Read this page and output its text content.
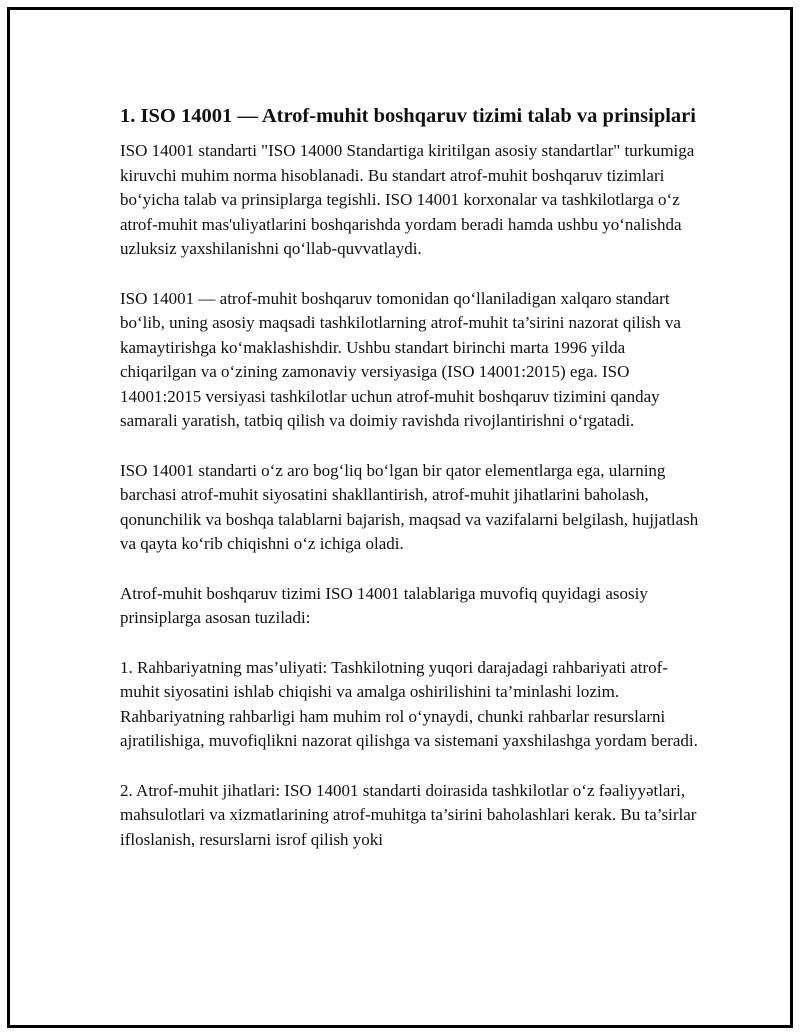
1. ISO 14001 — Atrof-muhit boshqaruv tizimi talab va prinsiplari

ISO 14001 standarti "ISO 14000 Standartiga kiritilgan asosiy standartlar" turkumiga kiruvchi muhim norma hisoblanadi. Bu standart atrof-muhit boshqaruv tizimlari bo‘yicha talab va prinsiplarga tegishli. ISO 14001 korxonalar va tashkilotlarga o‘z atrof-muhit mas'uliyatlarini boshqarishda yordam beradi hamda ushbu yo‘nalishda uzluksiz yaxshilanishni qo‘llab-quvvatlaydi.

ISO 14001 — atrof-muhit boshqaruv tomonidan qo‘llaniladigan xalqaro standart bo‘lib, uning asosiy maqsadi tashkilotlarning atrof-muhit ta’sirini nazorat qilish va kamaytirishga ko‘maklashishdir. Ushbu standart birinchi marta 1996 yilda chiqarilgan va o‘zining zamonaviy versiyasiga (ISO 14001:2015) ega. ISO 14001:2015 versiyasi tashkilotlar uchun atrof-muhit boshqaruv tizimini qanday samarali yaratish, tatbiq qilish va doimiy ravishda rivojlantirishni o‘rgatadi.

ISO 14001 standarti o‘z aro bog‘liq bo‘lgan bir qator elementlarga ega, ularning barchasi atrof-muhit siyosatini shakllantirish, atrof-muhit jihatlarini baholash, qonunchilik va boshqa talablarni bajarish, maqsad va vazifalarni belgilash, hujjatlash va qayta ko‘rib chiqishni o‘z ichiga oladi.

Atrof-muhit boshqaruv tizimi ISO 14001 talablariga muvofiq quyidagi asosiy prinsiplarga asosan tuziladi:

1. Rahbariyatning mas’uliyati: Tashkilotning yuqori darajadagi rahbariyati atrof-muhit siyosatini ishlab chiqishi va amalga oshirilishini ta’minlashi lozim. Rahbariyatning rahbarligi ham muhim rol o‘ynaydi, chunki rahbarlar resurslarni ajratilishiga, muvofiqlikni nazorat qilishga va sistemani yaxshilashga yordam beradi.

2. Atrof-muhit jihatlari: ISO 14001 standarti doirasida tashkilotlar o‘z fəaliyyətlari, mahsulotlari va xizmatlarining atrof-muhitga ta’sirini baholashlari kerak. Bu ta’sirlar ifloslanish, resurslarni isrof qilish yoki
